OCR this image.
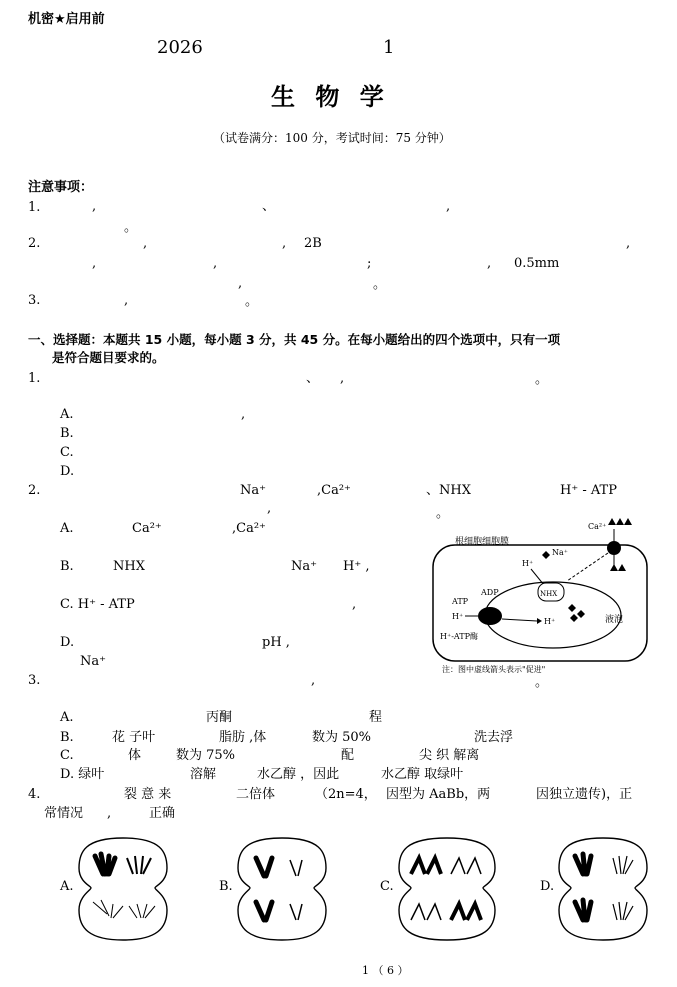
机密★启用前
2026	1
生 物 学
（试卷满分：100 分，考试时间：75 分钟）
注意事项：
1.	,	、	,
。
2.	,	, 2B	,
,	,	;	, 0.5mm
,	。
3.	,	。
一、选择题：本题共 15 小题，每小题 3 分，共 45 分。在每小题给出的四个选项中，只有一项
是符合题目要求的。
1.	、 ,	。
A.	,
B.
C.
D.
2.	Na⁺	,Ca²⁺	、NHX	H⁺ - ATP
,	。
A.	Ca²⁺	,Ca²⁺
B.	NHX	Na⁺ H⁺ ,
C. H⁺ - ATP	,
D.	pH ,
Na⁺
根细胞细胞膜
Ca²⁺
Na⁺
H⁺
NHX
ADP
ATP
H⁺
H⁺
H⁺-ATP酶
液泡
注：图中虚线箭头表示"促进"
3.	,	。
A.	丙酮	程
B.	花 子叶	脂肪 ,体	数为 50%	洗去浮
C.	体	数为 75%	配	尖 织 解离
D. 绿叶	溶解	水乙醇 ，因此	水乙醇 取绿叶
4.	裂 意 来	二倍体	（2n=4， 因型为 AaBb，两	因独立遗传)，正
常情况 ,	正确
A.	B.	C.	D.
1 （ 6 ）
